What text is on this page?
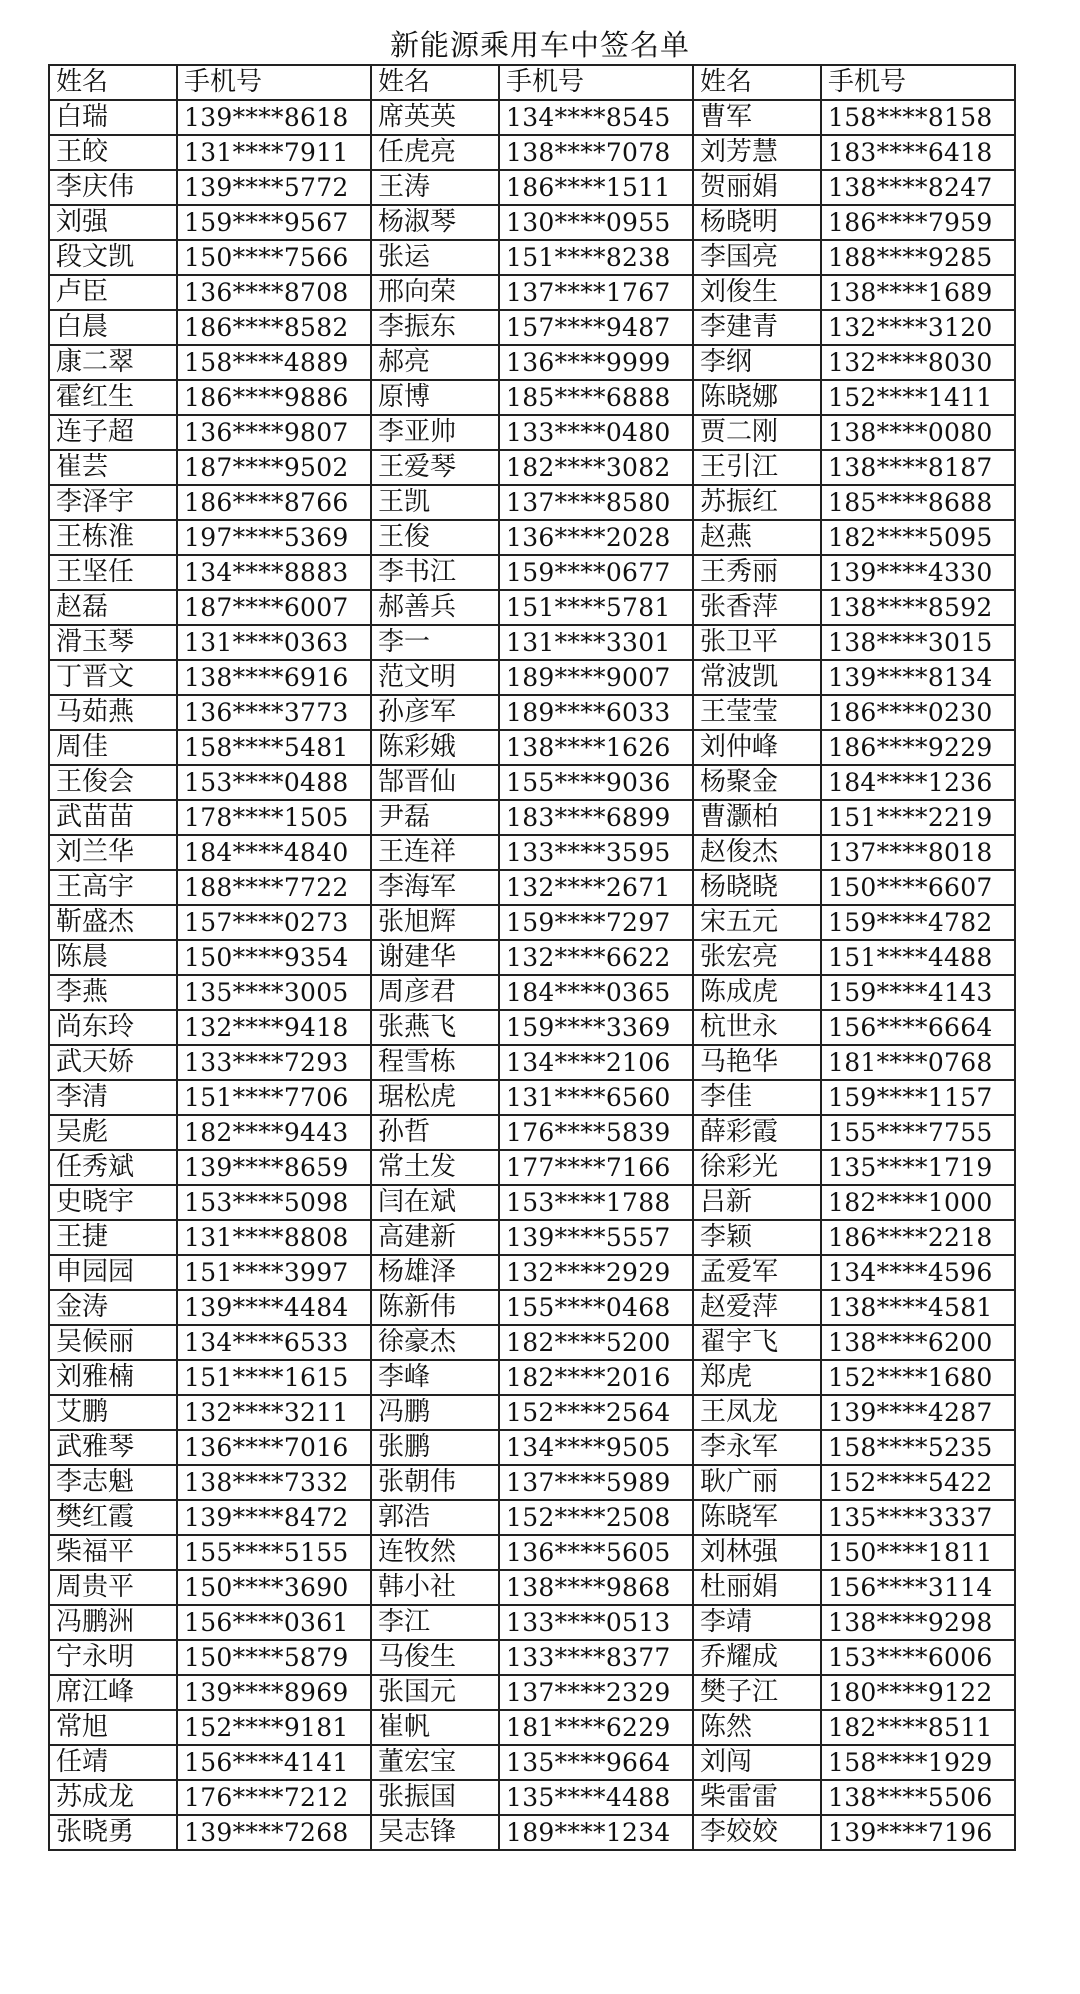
新能源乘用车中签名单
姓名	手机号	姓名	手机号	姓名	手机号
白瑞	139****8618	席英英	134****8545	曹军	158****8158
王皎	131****7911	任虎亮	138****7078	刘芳慧	183****6418
李庆伟	139****5772	王涛	186****1511	贺丽娟	138****8247
刘强	159****9567	杨淑琴	130****0955	杨晓明	186****7959
段文凯	150****7566	张运	151****8238	李国亮	188****9285
卢臣	136****8708	邢向荣	137****1767	刘俊生	138****1689
白晨	186****8582	李振东	157****9487	李建青	132****3120
康二翠	158****4889	郝亮	136****9999	李纲	132****8030
霍红生	186****9886	原博	185****6888	陈晓娜	152****1411
连子超	136****9807	李亚帅	133****0480	贾二刚	138****0080
崔芸	187****9502	王爱琴	182****3082	王引江	138****8187
李泽宇	186****8766	王凯	137****8580	苏振红	185****8688
王栋淮	197****5369	王俊	136****2028	赵燕	182****5095
王坚任	134****8883	李书江	159****0677	王秀丽	139****4330
赵磊	187****6007	郝善兵	151****5781	张香萍	138****8592
滑玉琴	131****0363	李一	131****3301	张卫平	138****3015
丁晋文	138****6916	范文明	189****9007	常波凯	139****8134
马茹燕	136****3773	孙彦军	189****6033	王莹莹	186****0230
周佳	158****5481	陈彩娥	138****1626	刘仲峰	186****9229
王俊会	153****0488	郜晋仙	155****9036	杨聚金	184****1236
武苗苗	178****1505	尹磊	183****6899	曹灏柏	151****2219
刘兰华	184****4840	王连祥	133****3595	赵俊杰	137****8018
王高宇	188****7722	李海军	132****2671	杨晓晓	150****6607
靳盛杰	157****0273	张旭辉	159****7297	宋五元	159****4782
陈晨	150****9354	谢建华	132****6622	张宏亮	151****4488
李燕	135****3005	周彦君	184****0365	陈成虎	159****4143
尚东玲	132****9418	张燕飞	159****3369	杭世永	156****6664
武天娇	133****7293	程雪栋	134****2106	马艳华	181****0768
李清	151****7706	琚松虎	131****6560	李佳	159****1157
吴彪	182****9443	孙哲	176****5839	薛彩霞	155****7755
任秀斌	139****8659	常土发	177****7166	徐彩光	135****1719
史晓宇	153****5098	闫在斌	153****1788	吕新	182****1000
王捷	131****8808	高建新	139****5557	李颖	186****2218
申园园	151****3997	杨雄泽	132****2929	孟爱军	134****4596
金涛	139****4484	陈新伟	155****0468	赵爱萍	138****4581
吴候丽	134****6533	徐豪杰	182****5200	翟宇飞	138****6200
刘雅楠	151****1615	李峰	182****2016	郑虎	152****1680
艾鹏	132****3211	冯鹏	152****2564	王凤龙	139****4287
武雅琴	136****7016	张鹏	134****9505	李永军	158****5235
李志魁	138****7332	张朝伟	137****5989	耿广丽	152****5422
樊红霞	139****8472	郭浩	152****2508	陈晓军	135****3337
柴福平	155****5155	连牧然	136****5605	刘林强	150****1811
周贵平	150****3690	韩小社	138****9868	杜丽娟	156****3114
冯鹏洲	156****0361	李江	133****0513	李靖	138****9298
宁永明	150****5879	马俊生	133****8377	乔耀成	153****6006
席江峰	139****8969	张国元	137****2329	樊子江	180****9122
常旭	152****9181	崔帆	181****6229	陈然	182****8511
任靖	156****4141	董宏宝	135****9664	刘闯	158****1929
苏成龙	176****7212	张振国	135****4488	柴雷雷	138****5506
张晓勇	139****7268	吴志锋	189****1234	李姣姣	139****7196
